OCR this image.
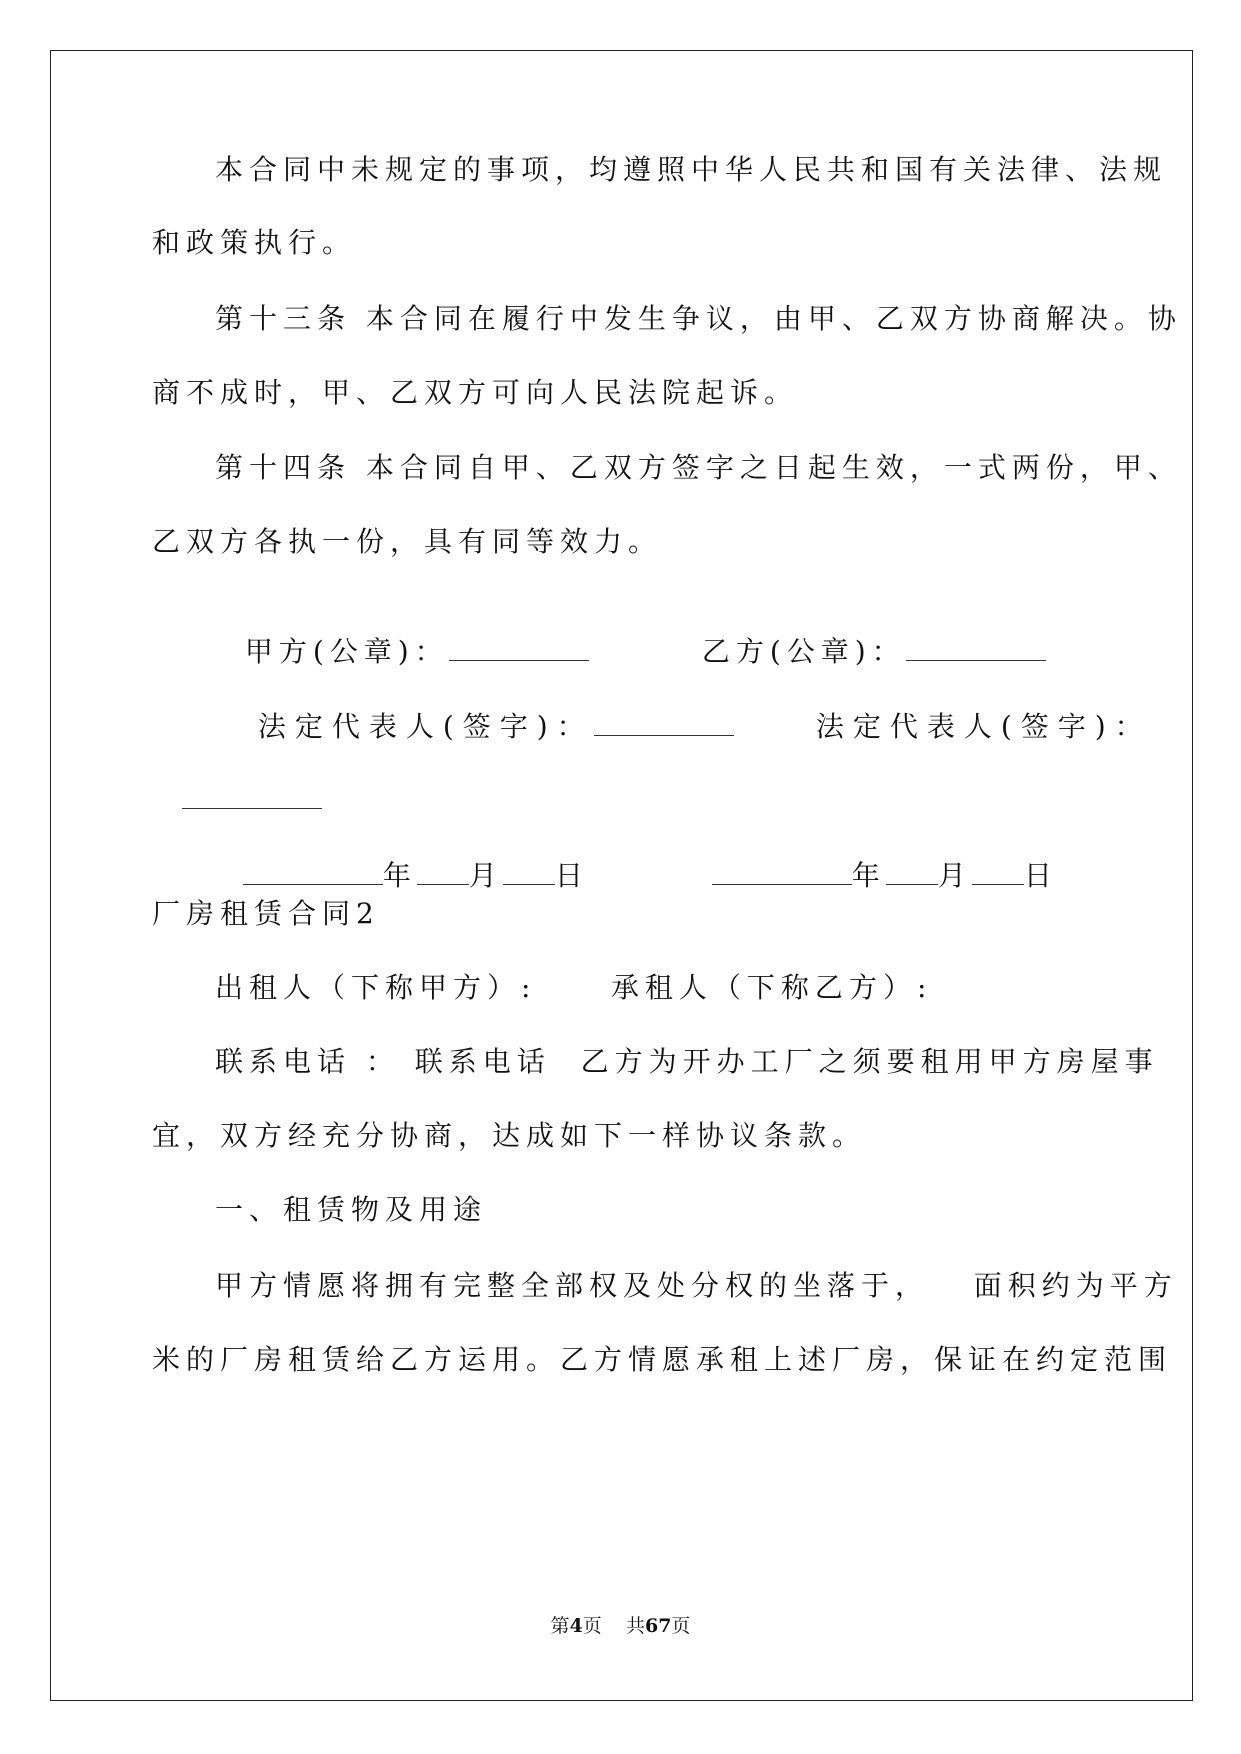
本合同中未规定的事项，均遵照中华人民共和国有关法律、法规
和政策执行。
第十三条 本合同在履行中发生争议，由甲、乙双方协商解决。协
商不成时，甲、乙双方可向人民法院起诉。
第十四条 本合同自甲、乙双方签字之日起生效，一式两份，甲、
乙双方各执一份，具有同等效力。

甲方(公章)：	乙方(公章)：

法定代表人(签字)：	法定代表人(签字)：

年 月 日	年 月 日

厂房租赁合同2
出租人（下称甲方）:     承租人（下称乙方）:
联系电话 ： 联系电话  乙方为开办工厂之须要租用甲方房屋事
宜，双方经充分协商，达成如下一样协议条款。
一、租赁物及用途
甲方情愿将拥有完整全部权及处分权的坐落于，   面积约为平方
米的厂房租赁给乙方运用。乙方情愿承租上述厂房，保证在约定范围
第4页    共67页
